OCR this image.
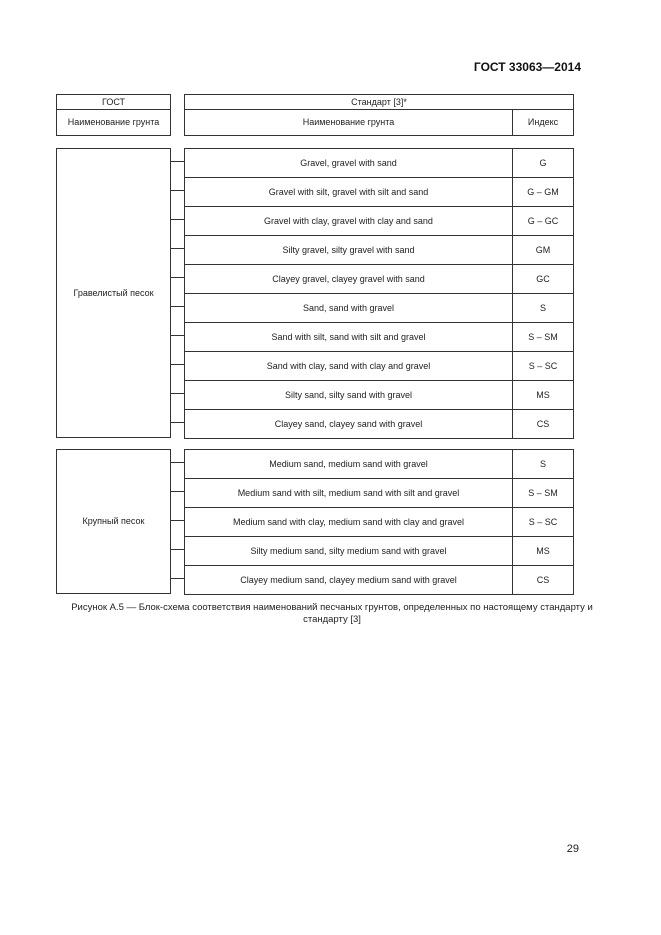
ГОСТ 33063—2014
ГОСТ
Наименование грунта
Стандарт [3]*
Наименование грунта	Индекс
Гравелистый песок
Gravel, gravel with sand	G
Gravel with silt, gravel with silt and sand	G – GM
Gravel with clay, gravel with clay and sand	G – GC
Silty gravel, silty gravel with sand	GM
Clayey gravel, clayey gravel with sand	GC
Sand, sand with gravel	S
Sand with silt, sand with silt and gravel	S – SM
Sand with clay, sand with clay and gravel	S – SC
Silty sand, silty sand with gravel	MS
Clayey sand, clayey sand with gravel	CS
Крупный песок
Medium sand, medium sand with gravel	S
Medium sand with silt, medium sand with silt and gravel	S – SM
Medium sand with clay, medium sand with clay and gravel	S – SC
Silty medium sand, silty medium sand with gravel	MS
Clayey medium sand, clayey medium sand with gravel	CS
Рисунок А.5 — Блок-схема соответствия наименований песчаных грунтов, определенных по настоящему стандарту и стандарту [3]
29
